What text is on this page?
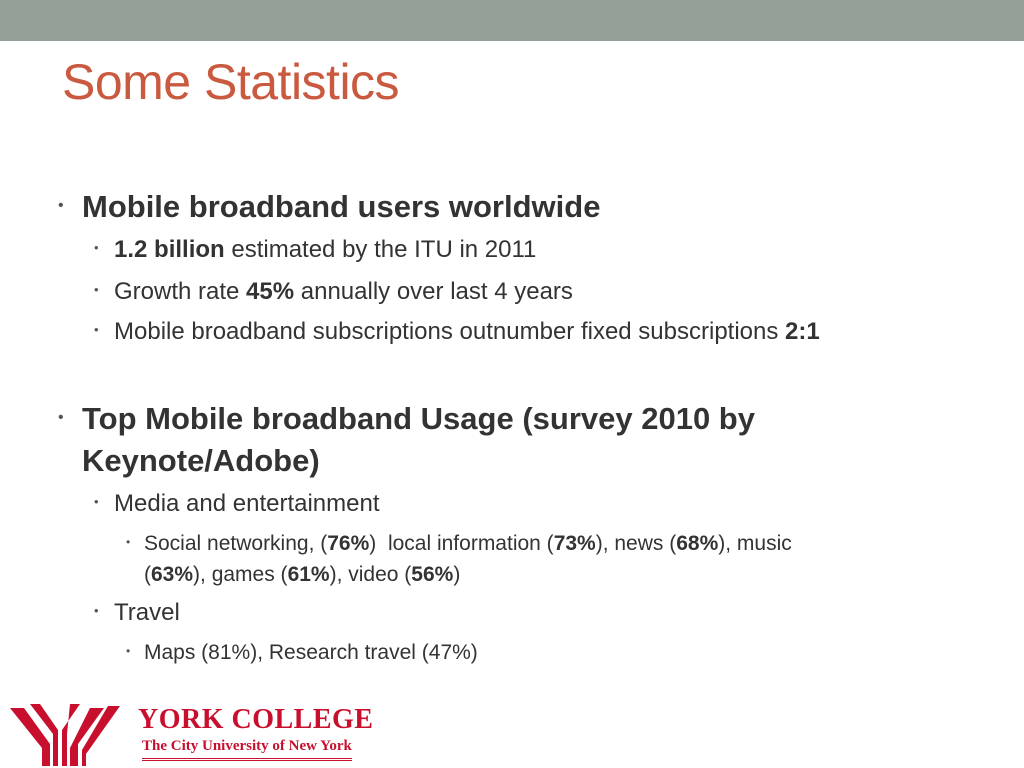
Some Statistics
• Mobile broadband users worldwide
• 1.2 billion estimated by the ITU in 2011
• Growth rate 45% annually over last 4 years
• Mobile broadband subscriptions outnumber fixed subscriptions 2:1
• Top Mobile broadband Usage (survey 2010 by
Keynote/Adobe)
• Media and entertainment
• Social networking, (76%)  local information (73%), news (68%), music
(63%), games (61%), video (56%)
• Travel
• Maps (81%), Research travel (47%)
YORK COLLEGE
The City University of New York
